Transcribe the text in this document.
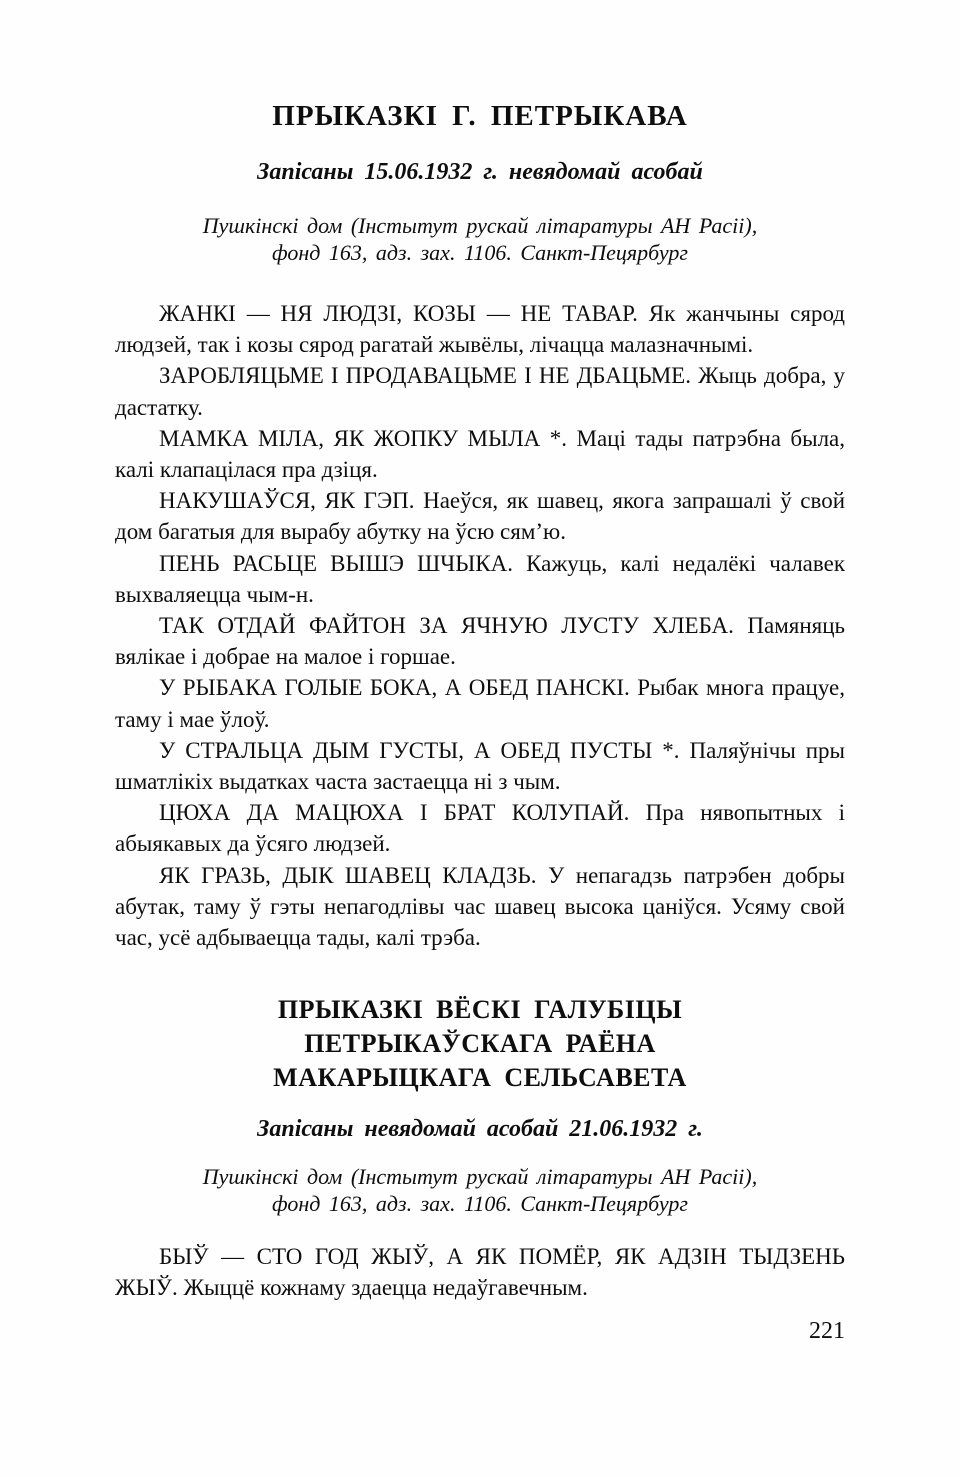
ПРЫКАЗКІ Г. ПЕТРЫКАВА

Запісаны 15.06.1932 г. невядомай асобай

Пушкінскі дом (Інстытут рускай літаратуры АН Расіі),
фонд 163, адз. зах. 1106. Санкт-Пецярбург

ЖАНКІ — НЯ ЛЮДЗІ, КОЗЫ — НЕ ТАВАР. Як жанчыны сярод людзей, так і козы сярод рагатай жывёлы, лічацца малазначнымі.

ЗАРОБЛЯЦЬМЕ І ПРОДАВАЦЬМЕ І НЕ ДБАЦЬМЕ. Жыць добра, у дастатку.

МАМКА МІЛА, ЯК ЖОПКУ МЫЛА *. Маці тады патрэбна была, калі клапацілася пра дзіця.

НАКУШАЎСЯ, ЯК ГЭП. Наеўся, як шавец, якога запрашалі ў свой дом багатыя для вырабу абутку на ўсю сям’ю.

ПЕНЬ РАСЬЦЕ ВЫШЭ ШЧЫКА. Кажуць, калі недалёкі чалавек выхваляецца чым-н.

ТАК ОТДАЙ ФАЙТОН ЗА ЯЧНУЮ ЛУСТУ ХЛЕБА. Памяняць вялікае і добрае на малое і горшае.

У РЫБАКА ГОЛЫЕ БОКА, А ОБЕД ПАНСКІ. Рыбак многа працуе, таму і мае ўлоў.

У СТРАЛЬЦА ДЫМ ГУСТЫ, А ОБЕД ПУСТЫ *. Паляўнічы пры шматлікіх выдатках часта застаецца ні з чым.

ЦЮХА ДА МАЦЮХА І БРАТ КОЛУПАЙ. Пра нявопытных і абыякавых да ўсяго людзей.

ЯК ГРАЗЬ, ДЫК ШАВЕЦ КЛАДЗЬ. У непагадзь патрэбен добры абутак, таму ў гэты непагодлівы час шавец высока цаніўся. Усяму свой час, усё адбываецца тады, калі трэба.

ПРЫКАЗКІ ВЁСКІ ГАЛУБІЦЫ
ПЕТРЫКАЎСКАГА РАЁНА
МАКАРЫЦКАГА СЕЛЬСАВЕТА

Запісаны невядомай асобай 21.06.1932 г.

Пушкінскі дом (Інстытут рускай літаратуры АН Расіі),
фонд 163, адз. зах. 1106. Санкт-Пецярбург

БЫЎ — СТО ГОД ЖЫЎ, А ЯК ПОМЁР, ЯК АДЗІН ТЫДЗЕНЬ ЖЫЎ. Жыццё кожнаму здаецца недаўгавечным.

221
